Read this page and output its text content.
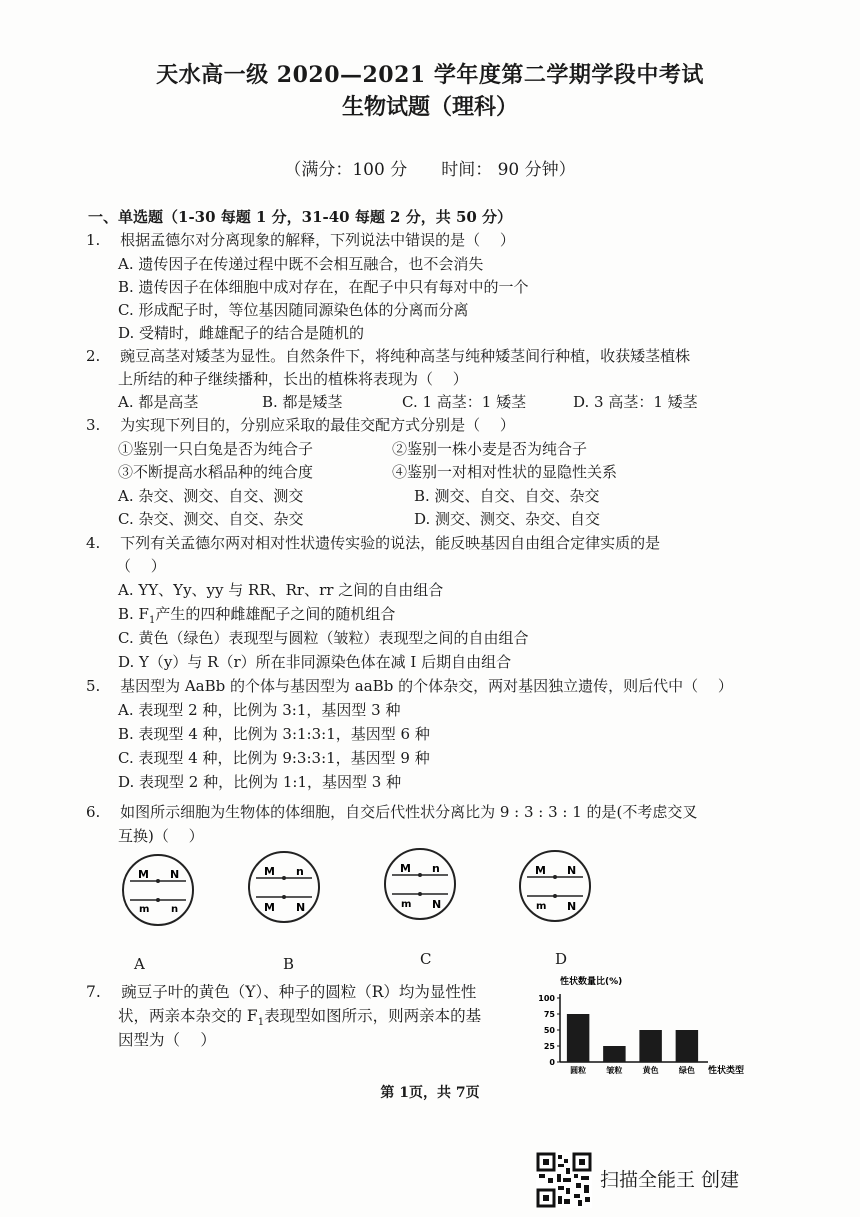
天水高一级 2020—2021 学年度第二学期学段中考试
生物试题（理科）
（满分：100 分　　时间： 90 分钟）
一、单选题（1-30 每题 1 分，31-40 每题 2 分，共 50 分）
1.　 根据孟德尔对分离现象的解释，下列说法中错误的是（　 ）
A. 遗传因子在传递过程中既不会相互融合，也不会消失
B. 遗传因子在体细胞中成对存在，在配子中只有每对中的一个
C. 形成配子时，等位基因随同源染色体的分离而分离
D. 受精时，雌雄配子的结合是随机的
2.　 豌豆高茎对矮茎为显性。自然条件下，将纯种高茎与纯种矮茎间行种植，收获矮茎植株
上所结的种子继续播种，长出的植株将表现为（　 ）
A. 都是高茎	B. 都是矮茎	C. 1 高茎：1 矮茎	D. 3 高茎：1 矮茎
3.　 为实现下列目的，分别应采取的最佳交配方式分别是（　 ）
①鉴别一只白兔是否为纯合子	②鉴别一株小麦是否为纯合子
③不断提高水稻品种的纯合度	④鉴别一对相对性状的显隐性关系
A. 杂交、测交、自交、测交	B. 测交、自交、自交、杂交
C. 杂交、测交、自交、杂交	D. 测交、测交、杂交、自交
4.　 下列有关孟德尔两对相对性状遗传实验的说法，能反映基因自由组合定律实质的是
（　 ）
A. YY、Yy、yy 与 RR、Rr、rr 之间的自由组合
B. $F_1$产生的四种雌雄配子之间的随机组合
C. 黄色（绿色）表现型与圆粒（皱粒）表现型之间的自由组合
D. Y（y）与 R（r）所在非同源染色体在减 I 后期自由组合
5.　 基因型为 AaBb 的个体与基因型为 aaBb 的个体杂交，两对基因独立遗传，则后代中（　 ）
A. 表现型 2 种，比例为 3:1，基因型 3 种
B. 表现型 4 种，比例为 3:1:3:1，基因型 6 种
C. 表现型 4 种，比例为 9:3:3:1，基因型 9 种
D. 表现型 2 种，比例为 1:1，基因型 3 种
6.　 如图所示细胞为生物体的体细胞，自交后代性状分离比为 9 : 3 : 3 : 1 的是(不考虑交叉
互换)（　 ）
M N
m n
A
M n
M N
B
M n
m N
C
M N
m N
D
7.　 豌豆子叶的黄色（Y）、种子的圆粒（R）均为显性性
状，两亲本杂交的 $F_1$表现型如图所示，则两亲本的基
因型为（　 ）
性状数量比(%)
性状类型
0
25
50
75
100
圆粒	皱粒	黄色	绿色
第 1页，共 7页
扫描全能王 创建
